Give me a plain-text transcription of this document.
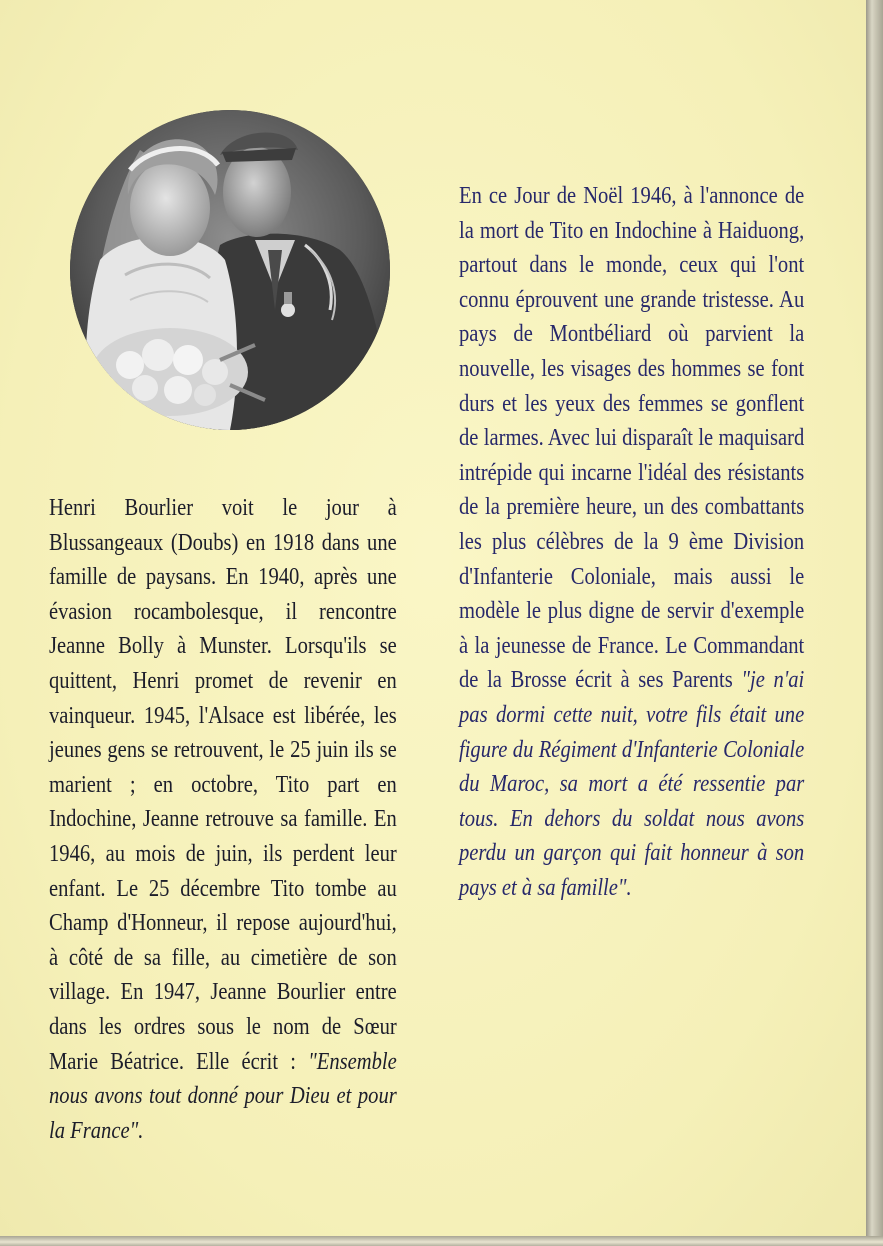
Henri Bourlier voit le jour à Blussangeaux (Doubs) en 1918 dans une famille de paysans. En 1940, après une évasion rocambolesque, il rencontre Jeanne Bolly à Munster. Lorsqu'ils se quittent, Henri promet de revenir en vainqueur. 1945, l'Alsace est libérée, les jeunes gens se retrouvent, le 25 juin ils se marient ; en octobre, Tito part en Indochine, Jeanne retrouve sa famille. En 1946, au mois de juin, ils perdent leur enfant. Le 25 décembre Tito tombe au Champ d'Honneur, il repose aujourd'hui, à côté de sa fille, au cimetière de son village. En 1947, Jeanne Bourlier entre dans les ordres sous le nom de Sœur Marie Béatrice. Elle écrit : "Ensemble nous avons tout donné pour Dieu et pour la France".

En ce Jour de Noël 1946, à l'annonce de la mort de Tito en Indochine à Haiduong, partout dans le monde, ceux qui l'ont connu éprouvent une grande tristesse. Au pays de Montbéliard où parvient la nouvelle, les visages des hommes se font durs et les yeux des femmes se gonflent de larmes. Avec lui disparaît le maquisard intrépide qui incarne l'idéal des résistants de la première heure, un des combattants les plus célèbres de la 9 ème Division d'Infanterie Coloniale, mais aussi le modèle le plus digne de servir d'exemple à la jeunesse de France. Le Commandant de la Brosse écrit à ses Parents "je n'ai pas dormi cette nuit, votre fils était une figure du Régiment d'Infanterie Coloniale du Maroc, sa mort a été ressentie par tous. En dehors du soldat nous avons perdu un garçon qui fait honneur à son pays et à sa famille".
